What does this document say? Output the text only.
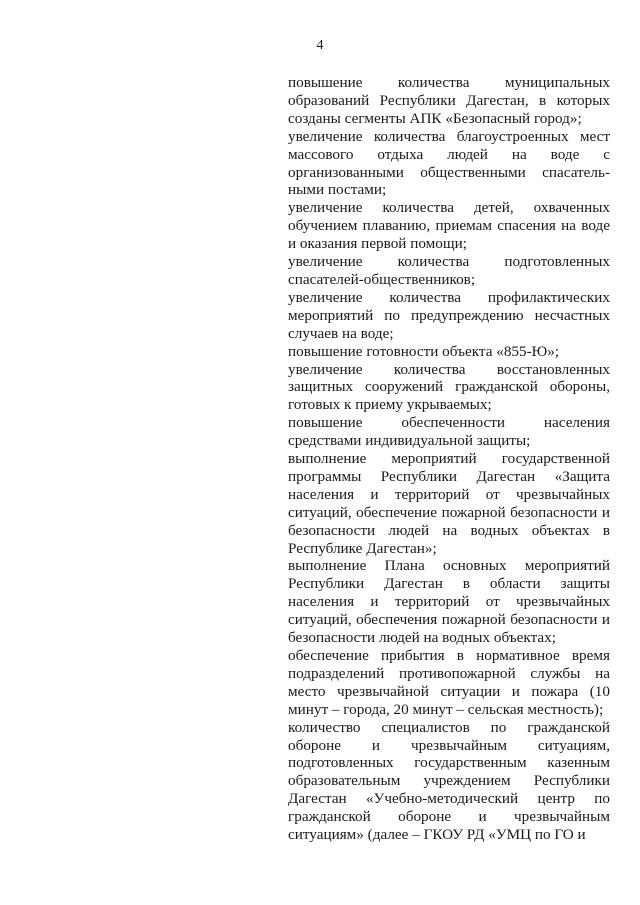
4

повышение количества муниципальных образований Республики Дагестан, в которых созданы сегменты АПК «Безопасный город»;

увеличение количества благоустроенных мест массового отдыха людей на воде с организованными общественными спасательными постами;

увеличение количества детей, охваченных обучением плаванию, приемам спасения на воде и оказания первой помощи;

увеличение количества подготовленных спасателей-общественников;

увеличение количества профилактических мероприятий по предупреждению несчастных случаев на воде;

повышение готовности объекта «855-Ю»;

увеличение количества восстановленных защитных сооружений гражданской обороны, готовых к приему укрываемых;

повышение обеспеченности населения средствами индивидуальной защиты;

выполнение мероприятий государственной программы Республики Дагестан «Защита населения и территорий от чрезвычайных ситуаций, обеспечение пожарной безопасности и безопасности людей на водных объектах в Республике Дагестан»;

выполнение Плана основных мероприятий Республики Дагестан в области защиты населения и территорий от чрезвычайных ситуаций, обеспечения пожарной безопасности и безопасности людей на водных объектах;

обеспечение прибытия в нормативное время подразделений противопожарной службы на место чрезвычайной ситуации и пожара (10 минут – города, 20 минут – сельская местность);

количество специалистов по гражданской обороне и чрезвычайным ситуациям, подготовленных государственным казенным образовательным учреждением Республики Дагестан «Учебно-методический центр по гражданской обороне и чрезвычайным ситуациям» (далее – ГКОУ РД «УМЦ по ГО и
